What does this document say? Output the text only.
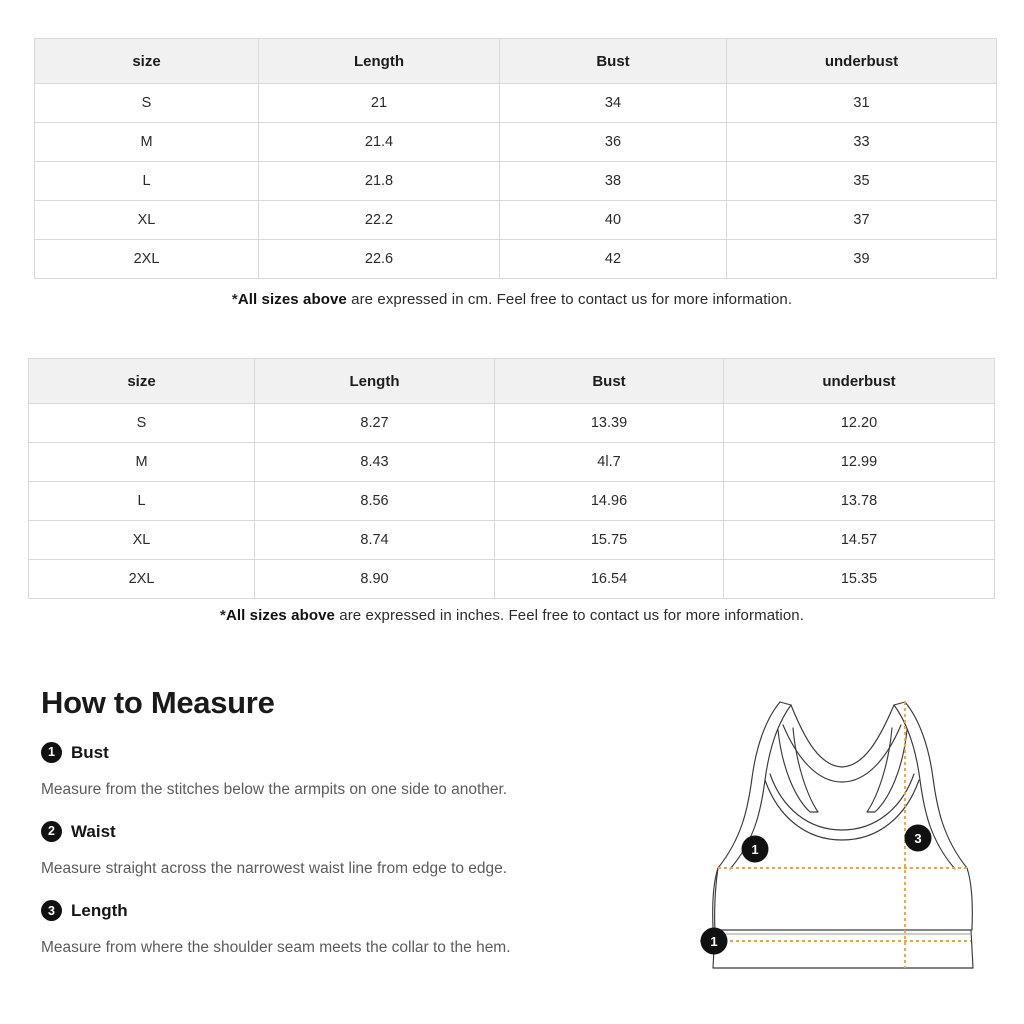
size	Length	Bust	underbust
S	21	34	31
M	21.4	36	33
L	21.8	38	35
XL	22.2	40	37
2XL	22.6	42	39
*All sizes above are expressed in cm. Feel free to contact us for more information.
size	Length	Bust	underbust
S	8.27	13.39	12.20
M	8.43	4l.7	12.99
L	8.56	14.96	13.78
XL	8.74	15.75	14.57
2XL	8.90	16.54	15.35
*All sizes above are expressed in inches. Feel free to contact us for more information.
How to Measure
1 Bust

Measure from the stitches below the armpits on one side to another.

2 Waist

Measure straight across the narrowest waist line from edge to edge.

3 Length

Measure from where the shoulder seam meets the collar to the hem.

1
3
1
